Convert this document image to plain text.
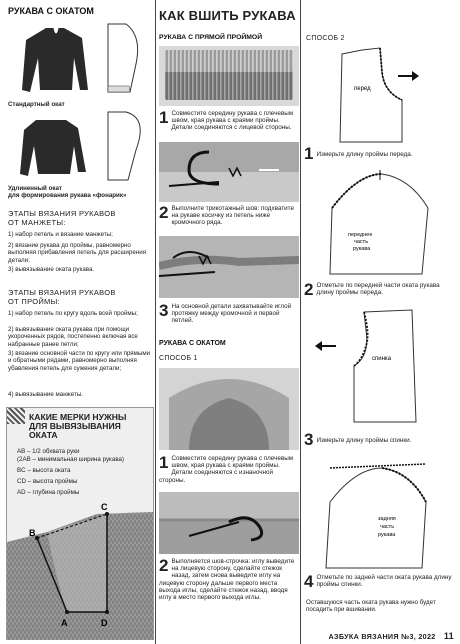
РУКАВА С ОКАТОМ
Стандартный окат
Удлиненный окат
для формирования рукава «фонарик»
ЭТАПЫ ВЯЗАНИЯ РУКАВОВ
ОТ МАНЖЕТЫ:
1) набор петель и вязание манжеты;
2) вязание рукава до проймы, равномерно выполняя прибавления петель для расширения детали;
3) вывязывание оката рукава.
ЭТАПЫ ВЯЗАНИЯ РУКАВОВ
ОТ ПРОЙМЫ:
1) набор петель по кругу вдоль всей проймы;
2) вывязывание оката рукава при помощи укороченных рядов, постепенно включая все набранные ранее петли;
3) вязание основной части по кругу или прямыми и обратными рядами, равномерно выполняя убавления петель для сужения детали;
4) вывязывание манжеты.
КАКИЕ МЕРКИ НУЖНЫ
ДЛЯ ВЫВЯЗЫВАНИЯ
ОКАТА
AB – 1/2 обхвата руки
(2AB – минимальная ширина рукава)
BC – высота оката
CD – высота проймы
AD – глубина проймы
B
C
A	D
КАК ВШИТЬ РУКАВА
РУКАВА С ПРЯМОЙ ПРОЙМОЙ
1 Совместите середину рукава с плечевым швом, края рукава с краями проймы. Детали соединяются с лицевой стороны.
2 Выполните трикотажный шов: подхватите на рукаве косичку из петель ниже кромочного ряда.
3 На основной детали захватывайте иглой протяжку между кромочной и первой петлей.
РУКАВА С ОКАТОМ
СПОСОБ 1
1 Совместите середину рукава с плечевым швом, края рукава с краями проймы. Детали соединяются с изнаночной стороны.
2 Выполняется шов-строчка: иглу выведите на лицевую сторону, сделайте стежок назад, затем снова выведите иглу на лицевую сторону дальше первого места выхода иглы, сделайте стежок назад, вводя иглу в место первого выхода иглы.
СПОСОБ 2
перед
1 Измерьте длину проймы переда.
переднее
часть
рукава
2 Отметьте по передней части оката рукава длину проймы переда.
спинка
3 Измерьте длину проймы спинки.
задняя
часть
рукава
4 Отметьте по задней части оката рукава длину проймы спинки.
Оставшуюся часть оката рукава нужно будет посадить при вшивании.
АЗБУКА ВЯЗАНИЯ №3, 2022 11
